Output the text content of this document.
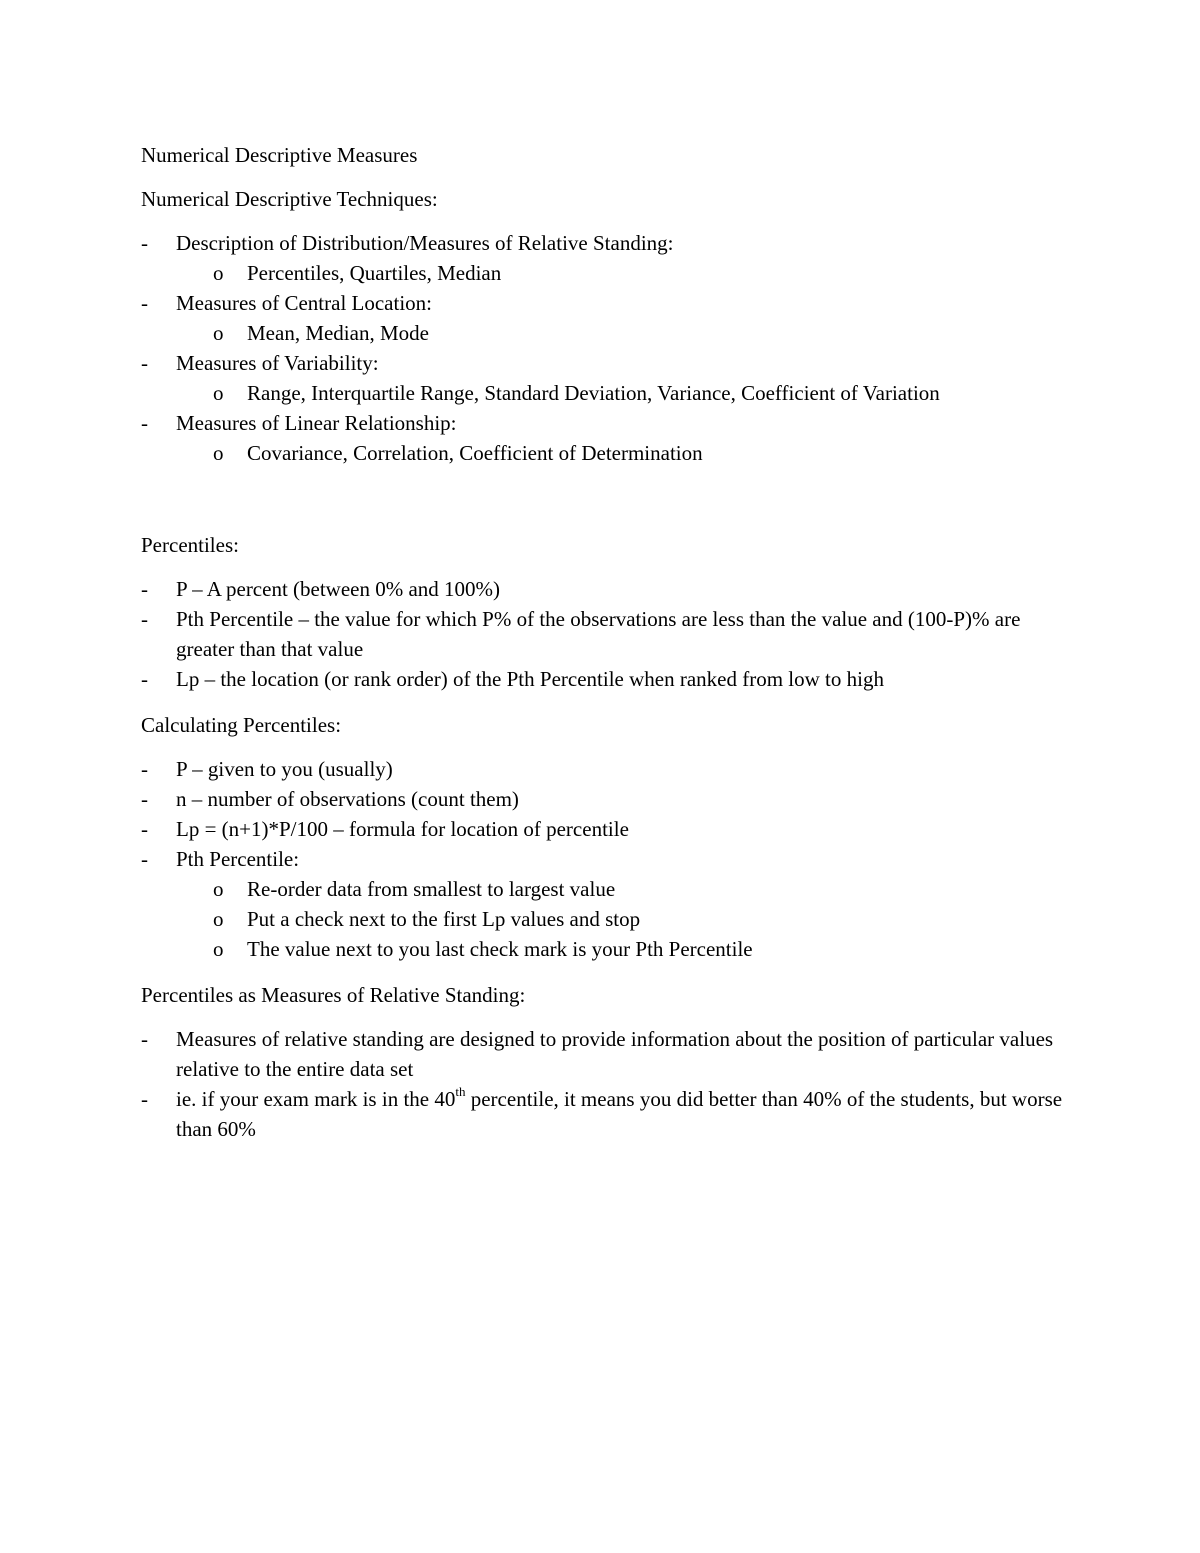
Numerical Descriptive Measures

Numerical Descriptive Techniques:

- Description of Distribution/Measures of Relative Standing:
o Percentiles, Quartiles, Median
- Measures of Central Location:
o Mean, Median, Mode
- Measures of Variability:
o Range, Interquartile Range, Standard Deviation, Variance, Coefficient of Variation
- Measures of Linear Relationship:
o Covariance, Correlation, Coefficient of Determination

Percentiles:

- P – A percent (between 0% and 100%)
- Pth Percentile – the value for which P% of the observations are less than the value and (100-P)% are greater than that value
- Lp – the location (or rank order) of the Pth Percentile when ranked from low to high

Calculating Percentiles:

- P – given to you (usually)
- n – number of observations (count them)
- Lp = (n+1)*P/100 – formula for location of percentile
- Pth Percentile:
o Re-order data from smallest to largest value
o Put a check next to the first Lp values and stop
o The value next to you last check mark is your Pth Percentile

Percentiles as Measures of Relative Standing:

- Measures of relative standing are designed to provide information about the position of particular values relative to the entire data set
- ie. if your exam mark is in the 40th percentile, it means you did better than 40% of the students, but worse than 60%
